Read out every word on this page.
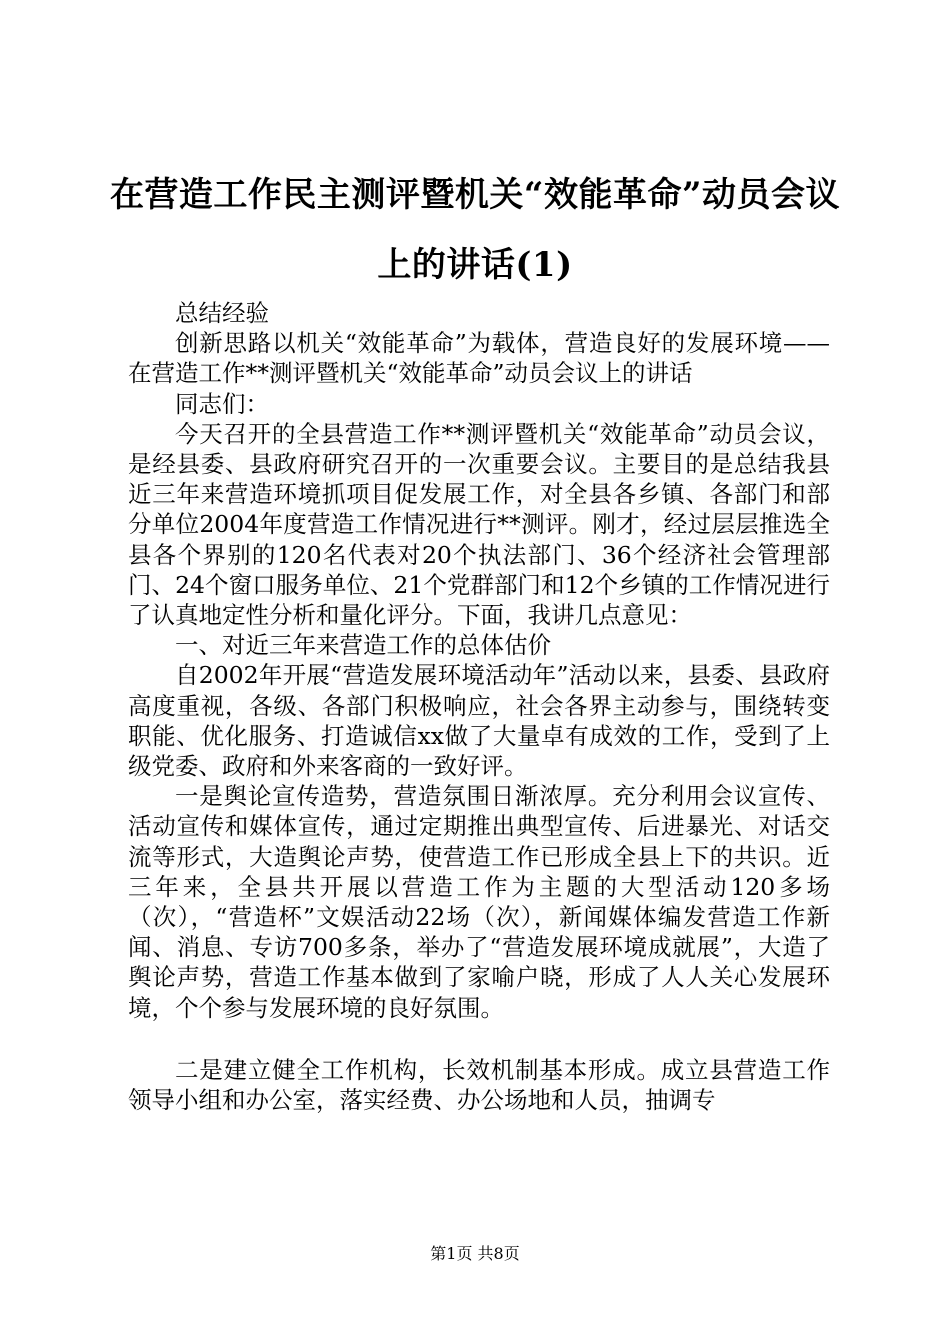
在营造工作民主测评暨机关“效能革命”动员会议上的讲话(1)

总结经验

创新思路以机关“效能革命”为载体，营造良好的发展环境——在营造工作**测评暨机关“效能革命”动员会议上的讲话

同志们：

今天召开的全县营造工作**测评暨机关“效能革命”动员会议，是经县委、县政府研究召开的一次重要会议。主要目的是总结我县近三年来营造环境抓项目促发展工作，对全县各乡镇、各部门和部分单位2004年度营造工作情况进行**测评。刚才，经过层层推选全县各个界别的120名代表对20个执法部门、36个经济社会管理部门、24个窗口服务单位、21个党群部门和12个乡镇的工作情况进行了认真地定性分析和量化评分。下面，我讲几点意见：

一、对近三年来营造工作的总体估价

自2002年开展“营造发展环境活动年”活动以来，县委、县政府高度重视，各级、各部门积极响应，社会各界主动参与，围绕转变职能、优化服务、打造诚信xx做了大量卓有成效的工作，受到了上级党委、政府和外来客商的一致好评。

一是舆论宣传造势，营造氛围日渐浓厚。充分利用会议宣传、活动宣传和媒体宣传，通过定期推出典型宣传、后进暴光、对话交流等形式，大造舆论声势，使营造工作已形成全县上下的共识。近三年来，全县共开展以营造工作为主题的大型活动120多场（次），“营造杯”文娱活动22场（次），新闻媒体编发营造工作新闻、消息、专访700多条，举办了“营造发展环境成就展”，大造了舆论声势，营造工作基本做到了家喻户晓，形成了人人关心发展环境，个个参与发展环境的良好氛围。

二是建立健全工作机构，长效机制基本形成。成立县营造工作领导小组和办公室，落实经费、办公场地和人员，抽调专

第1页 共8页
